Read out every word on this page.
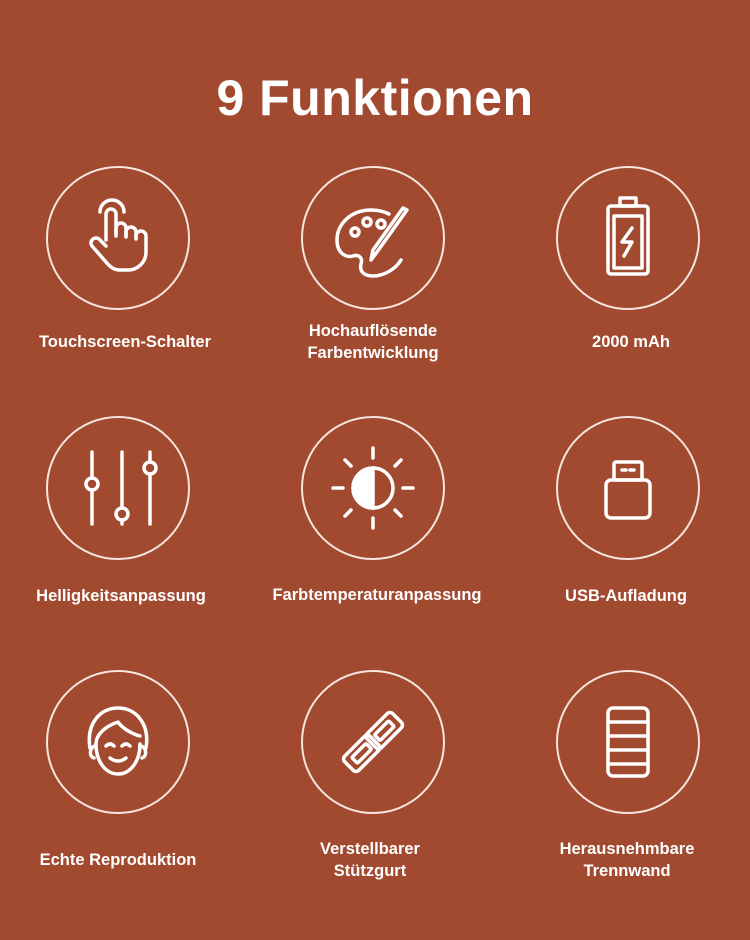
9 Funktionen
Touchscreen-Schalter
Hochauflösende
Farbentwicklung
2000 mAh
Helligkeitsanpassung	Farbtemperaturanpassung	USB-Aufladung
Echte Reproduktion
Verstellbarer
Stützgurt
Herausnehmbare
Trennwand
